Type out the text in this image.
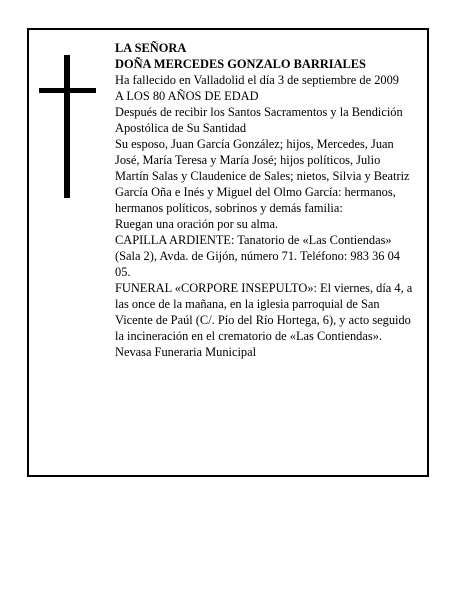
LA SEÑORA

DOÑA MERCEDES GONZALO BARRIALES

Ha fallecido en Valladolid el día 3 de septiembre de 2009

A LOS 80 AÑOS DE EDAD

Después de recibir los Santos Sacramentos y la Bendición Apostólica de Su Santidad

Su esposo, Juan García González; hijos, Mercedes, Juan José, María Teresa y María José; hijos políticos, Julio Martín Salas y Claudenice de Sales; nietos, Silvia y Beatriz García Oña e Inés y Miguel del Olmo García: hermanos, hermanos políticos, sobrinos y demás familia:

Ruegan una oración por su alma.

CAPILLA ARDIENTE: Tanatorio de «Las Contiendas» (Sala 2), Avda. de Gijón, número 71. Teléfono: 983 36 04 05.

FUNERAL «CORPORE INSEPULTO»: El viernes, día 4, a las once de la mañana, en la iglesia parroquial de San Vicente de Paúl (C/. Pío del Río Hortega, 6), y acto seguido la incineración en el crematorio de «Las Contiendas».

Nevasa Funeraria Municipal
